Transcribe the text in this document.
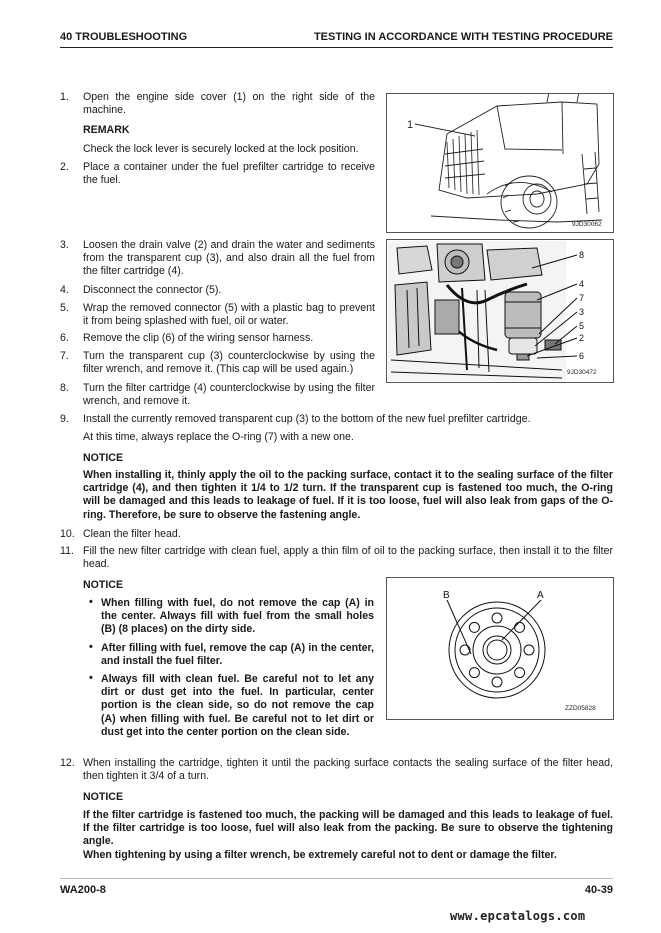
40 TROUBLESHOOTING	TESTING IN ACCORDANCE WITH TESTING PROCEDURE
1. Open the engine side cover (1) on the right side of the machine.
REMARK
Check the lock lever is securely locked at the lock position.
2. Place a container under the fuel prefilter cartridge to receive the fuel.
1
9JD30062
3. Loosen the drain valve (2) and drain the water and sediments from the transparent cup (3), and also drain all the fuel from the filter cartridge (4).
4. Disconnect the connector (5).
5. Wrap the removed connector (5) with a plastic bag to prevent it from being splashed with fuel, oil or water.
6. Remove the clip (6) of the wiring sensor harness.
7. Turn the transparent cup (3) counterclockwise by using the filter wrench, and remove it. (This cap will be used again.)
8. Turn the filter cartridge (4) counterclockwise by using the filter wrench, and remove it.
8
4
7
3
5
2
6
9JD30472
9. Install the currently removed transparent cup (3) to the bottom of the new fuel prefilter cartridge.
At this time, always replace the O-ring (7) with a new one.
NOTICE
When installing it, thinly apply the oil to the packing surface, contact it to the sealing surface of the filter cartridge (4), and then tighten it 1/4 to 1/2 turn. If the transparent cup is fastened too much, the O-ring will be damaged and this leads to leakage of fuel. If it is too loose, fuel will also leak from gaps of the O-ring. Therefore, be sure to observe the fastening angle.
10. Clean the filter head.
11. Fill the new filter cartridge with clean fuel, apply a thin film of oil to the packing surface, then install it to the filter head.
NOTICE
• When filling with fuel, do not remove the cap (A) in the center. Always fill with fuel from the small holes (B) (8 places) on the dirty side.
• After filling with fuel, remove the cap (A) in the center, and install the fuel filter.
• Always fill with clean fuel. Be careful not to let any dirt or dust get into the fuel. In particular, center portion is the clean side, so do not remove the cap (A) when filling with fuel. Be careful not to let dirt or dust get into the center portion on the clean side.
B	A
ZZD05828
12. When installing the cartridge, tighten it until the packing surface contacts the sealing surface of the filter head, then tighten it 3/4 of a turn.
NOTICE
If the filter cartridge is fastened too much, the packing will be damaged and this leads to leakage of fuel. If the filter cartridge is too loose, fuel will also leak from the packing. Be sure to observe the tightening angle.
When tightening by using a filter wrench, be extremely careful not to dent or damage the filter.
WA200-8	40-39
www.epcatalogs.com
